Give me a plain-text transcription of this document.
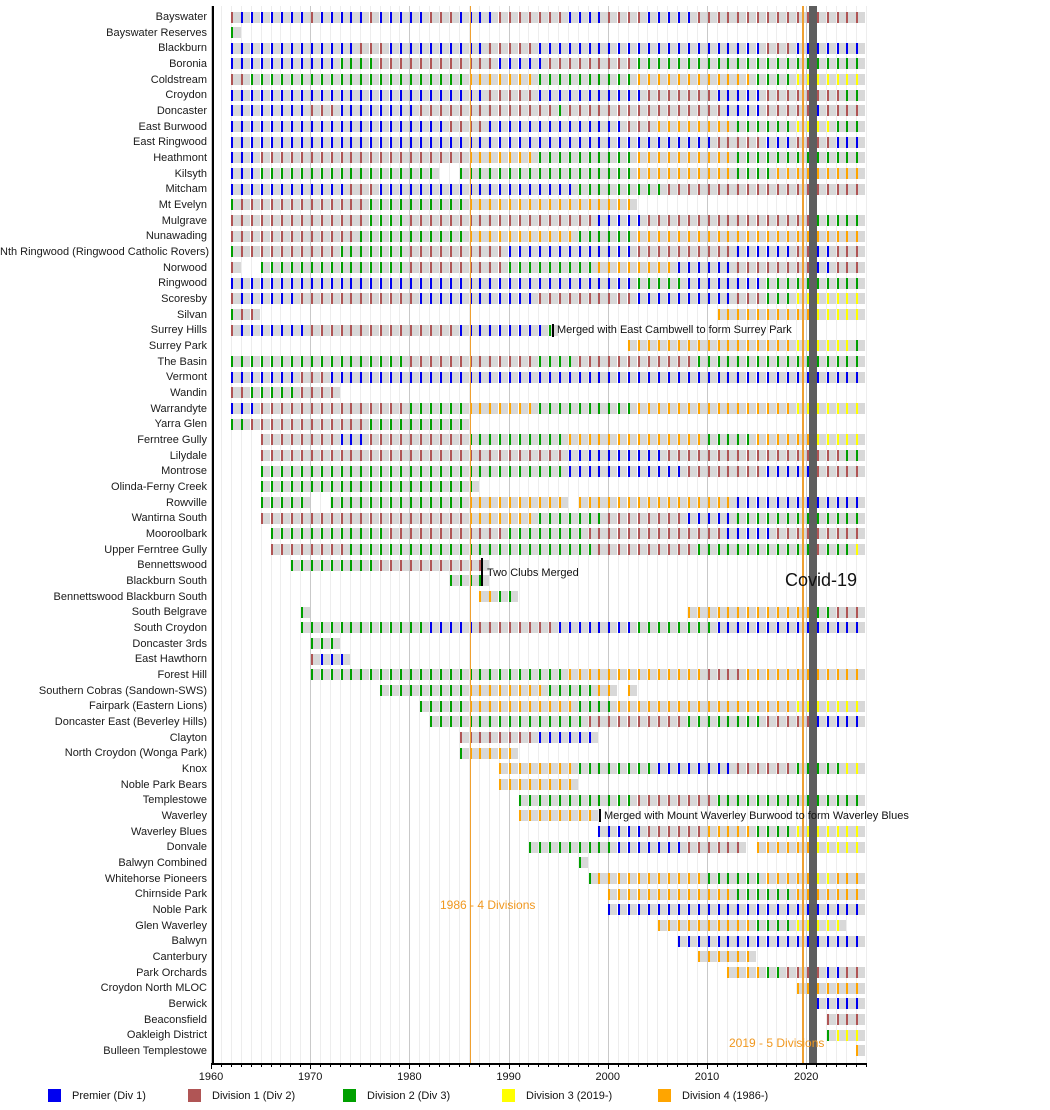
Merged with East Cambwell to form Surrey Park
Two Clubs Merged
Merged with Mount Waverley Burwood to form Waverley Blues
Covid-19
1986 - 4 Divisions
2019 - 5 Divisions
Premier (Div 1)	Division 1 (Div 2)	Division 2 (Div 3)	Division 3 (2019-)	Division 4 (1986-)
Bayswater
Bayswater Reserves
Blackburn
Boronia
Coldstream
Croydon
Doncaster
East Burwood
East Ringwood
Heathmont
Kilsyth
Mitcham
Mt Evelyn
Mulgrave
Nunawading
Nth Ringwood (Ringwood Catholic Rovers)
Norwood
Ringwood
Scoresby
Silvan
Surrey Hills
Surrey Park
The Basin
Vermont
Wandin
Warrandyte
Yarra Glen
Ferntree Gully
Lilydale
Montrose
Olinda-Ferny Creek
Rowville
Wantirna South
Mooroolbark
Upper Ferntree Gully
Bennettswood
Blackburn South
Bennettswood Blackburn South
South Belgrave
South Croydon
Doncaster 3rds
East Hawthorn
Forest Hill
Southern Cobras (Sandown-SWS)
Fairpark (Eastern Lions)
Doncaster East (Beverley Hills)
Clayton
North Croydon (Wonga Park)
Knox
Noble Park Bears
Templestowe
Waverley
Waverley Blues
Donvale
Balwyn Combined
Whitehorse Pioneers
Chirnside Park
Noble Park
Glen Waverley
Balwyn
Canterbury
Park Orchards
Croydon North MLOC
Berwick
Beaconsfield
Oakleigh District
Bulleen Templestowe
1960	1970	1980	1990	2000	2010	2020
